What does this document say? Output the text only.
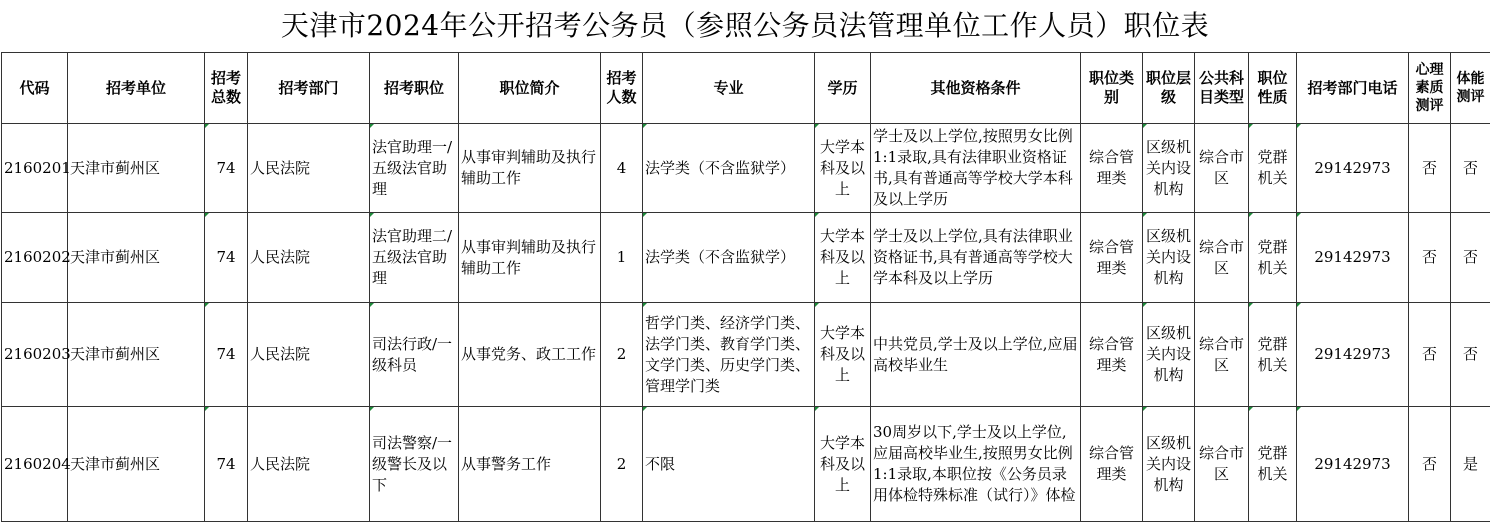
天津市2024年公开招考公务员（参照公务员法管理单位工作人员）职位表
代码	招考单位	招考总数	招考部门	招考职位	职位简介	招考人数	专业	学历	其他资格条件	职位类别	职位层级	公共科目类型	职位性质	招考部门电话	心理素质测评	体能测评
2160201	天津市蓟州区	74	人民法院	法官助理一/五级法官助理	从事审判辅助及执行辅助工作	4	法学类（不含监狱学）	大学本科及以上	学士及以上学位,按照男女比例1:1录取,具有法律职业资格证书,具有普通高等学校大学本科及以上学历	综合管理类	区级机关内设机构	综合市区	党群机关	29142973	否	否
2160202	天津市蓟州区	74	人民法院	法官助理二/五级法官助理	从事审判辅助及执行辅助工作	1	法学类（不含监狱学）	大学本科及以上	学士及以上学位,具有法律职业资格证书,具有普通高等学校大学本科及以上学历	综合管理类	区级机关内设机构	综合市区	党群机关	29142973	否	否
2160203	天津市蓟州区	74	人民法院	司法行政/一级科员	从事党务、政工工作	2	哲学门类、经济学门类、法学门类、教育学门类、文学门类、历史学门类、管理学门类	大学本科及以上	中共党员,学士及以上学位,应届高校毕业生	综合管理类	区级机关内设机构	综合市区	党群机关	29142973	否	否
2160204	天津市蓟州区	74	人民法院	司法警察/一级警长及以下	从事警务工作	2	不限	大学本科及以上	30周岁以下,学士及以上学位,应届高校毕业生,按照男女比例1:1录取,本职位按《公务员录用体检特殊标准（试行）》体检	综合管理类	区级机关内设机构	综合市区	党群机关	29142973	否	是
